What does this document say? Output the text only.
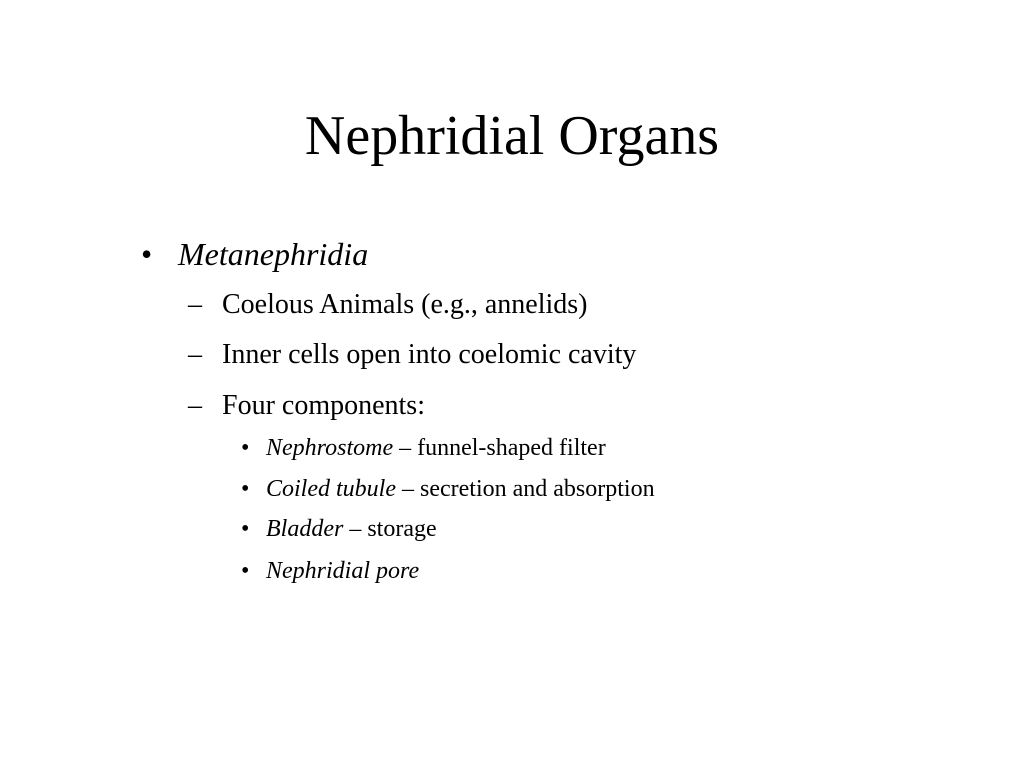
Nephridial Organs
• Metanephridia
– Coelous Animals (e.g., annelids)
– Inner cells open into coelomic cavity
– Four components:
• Nephrostome – funnel-shaped filter
• Coiled tubule – secretion and absorption
• Bladder – storage
• Nephridial pore
